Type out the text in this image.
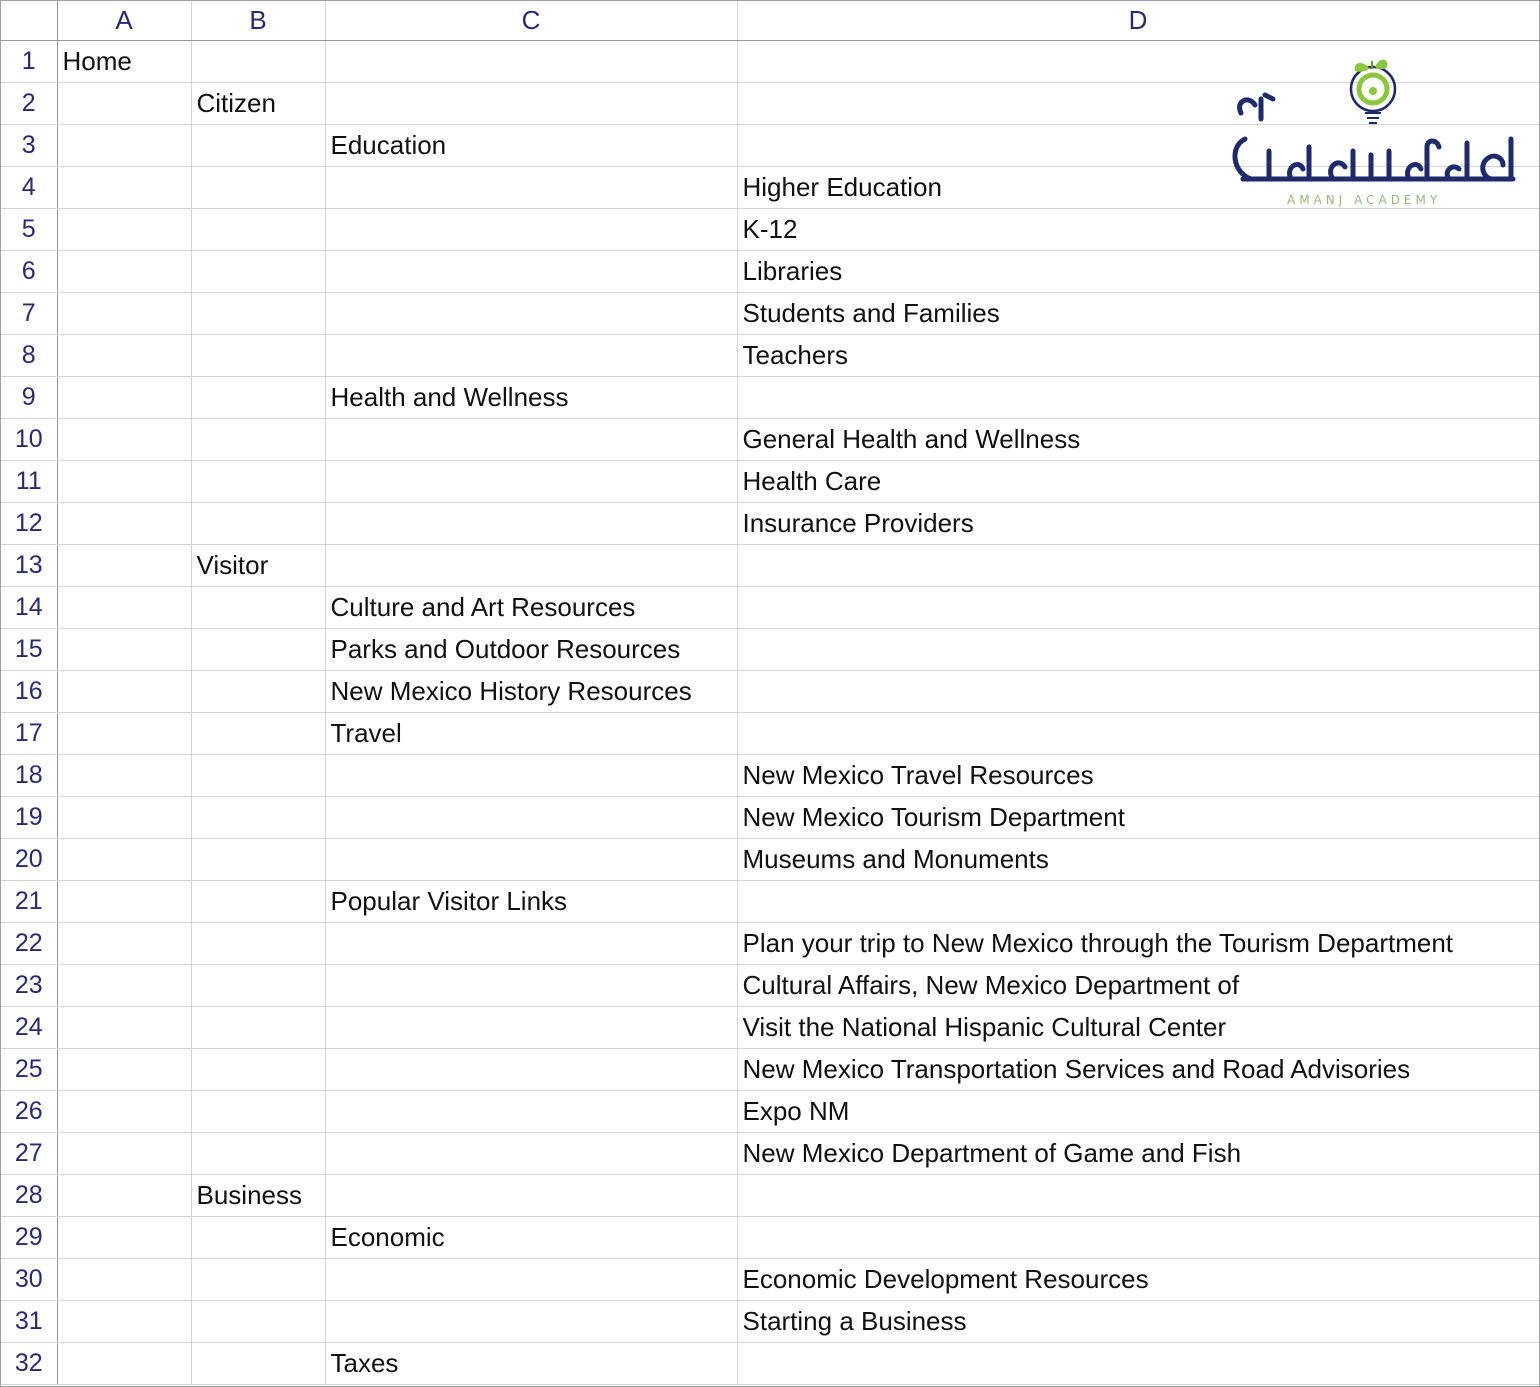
	A	B	C	D
1	Home			
2		Citizen		
3			Education	
4				Higher Education
5				K-12
6				Libraries
7				Students and Families
8				Teachers
9			Health and Wellness	
10				General Health and Wellness
11				Health Care
12				Insurance Providers
13		Visitor		
14			Culture and Art Resources	
15			Parks and Outdoor Resources	
16			New Mexico History Resources	
17			Travel	
18				New Mexico Travel Resources
19				New Mexico Tourism Department
20				Museums and Monuments
21			Popular Visitor Links	
22				Plan your trip to New Mexico through the Tourism Department
23				Cultural Affairs, New Mexico Department of
24				Visit the National Hispanic Cultural Center
25				New Mexico Transportation Services and Road Advisories
26				Expo NM
27				New Mexico Department of Game and Fish
28		Business		
29			Economic	
30				Economic Development Resources
31				Starting a Business
32			Taxes	
AMANJ ACADEMY
